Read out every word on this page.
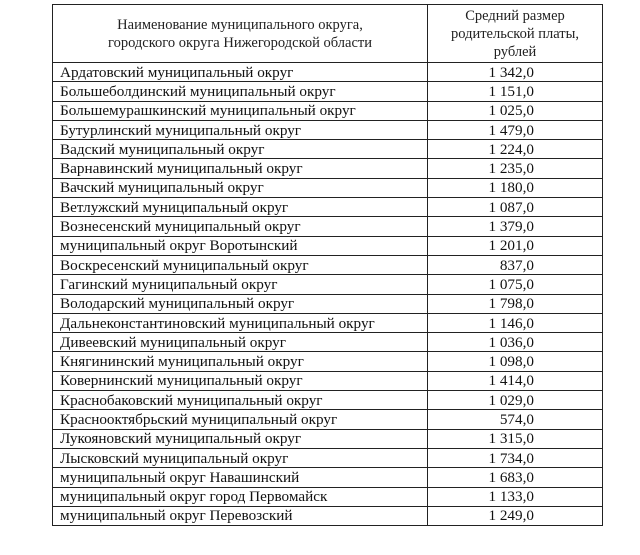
Наименование муниципального округа,
городского округа Нижегородской области	Средний размер
родительской платы,
рублей

Ардатовский муниципальный округ	1 342,0
Большеболдинский муниципальный округ	1 151,0
Большемурашкинский муниципальный округ	1 025,0
Бутурлинский муниципальный округ	1 479,0
Вадский муниципальный округ	1 224,0
Варнавинский муниципальный округ	1 235,0
Вачский муниципальный округ	1 180,0
Ветлужский муниципальный округ	1 087,0
Вознесенский муниципальный округ	1 379,0
муниципальный округ Воротынский	1 201,0
Воскресенский муниципальный округ	837,0
Гагинский муниципальный округ	1 075,0
Володарский муниципальный округ	1 798,0
Дальнеконстантиновский муниципальный округ	1 146,0
Дивеевский муниципальный округ	1 036,0
Княгининский муниципальный округ	1 098,0
Ковернинский муниципальный округ	1 414,0
Краснобаковский муниципальный округ	1 029,0
Краснооктябрьский муниципальный округ	574,0
Лукояновский муниципальный округ	1 315,0
Лысковский муниципальный округ	1 734,0
муниципальный округ Навашинский	1 683,0
муниципальный округ город Первомайск	1 133,0
муниципальный округ Перевозский	1 249,0
